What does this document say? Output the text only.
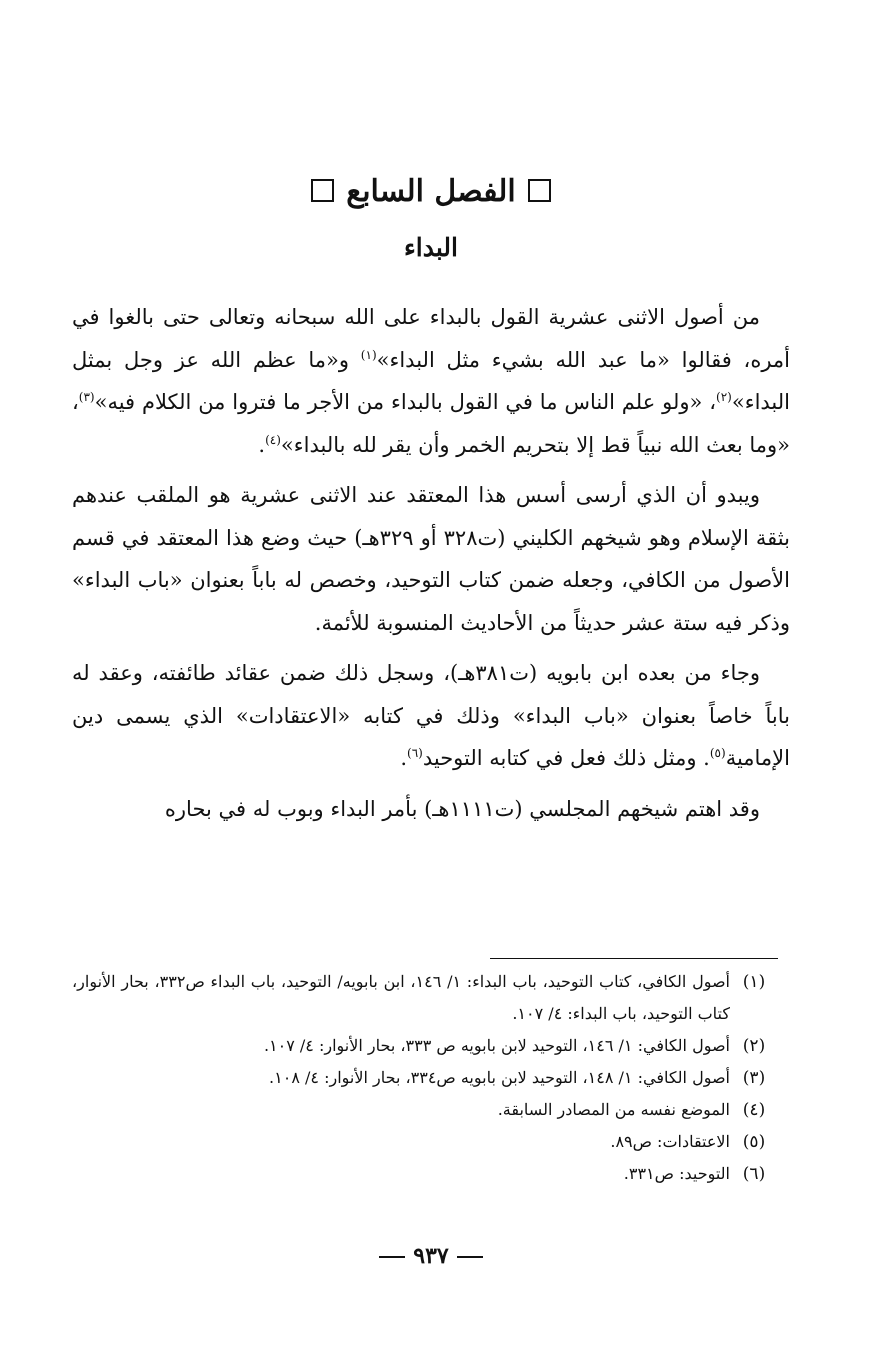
الفصل السابع
البداء

من أصول الاثنى عشرية القول بالبداء على الله سبحانه وتعالى حتى بالغوا في أمره، فقالوا «ما عبد الله بشيء مثل البداء»$^{(١)}$ و«ما عظم الله عز وجل بمثل البداء»$^{(٢)}$، «ولو علم الناس ما في القول بالبداء من الأجر ما فتروا من الكلام فيه»$^{(٣)}$، «وما بعث الله نبياً قط إلا بتحريم الخمر وأن يقر لله بالبداء»$^{(٤)}$.

ويبدو أن الذي أرسى أسس هذا المعتقد عند الاثنى عشرية هو الملقب عندهم بثقة الإسلام وهو شيخهم الكليني (ت٣٢٨ أو ٣٢٩هـ) حيث وضع هذا المعتقد في قسم الأصول من الكافي، وجعله ضمن كتاب التوحيد، وخصص له باباً بعنوان «باب البداء» وذكر فيه ستة عشر حديثاً من الأحاديث المنسوبة للأئمة.

وجاء من بعده ابن بابويه (ت٣٨١هـ)، وسجل ذلك ضمن عقائد طائفته، وعقد له باباً خاصاً بعنوان «باب البداء» وذلك في كتابه «الاعتقادات» الذي يسمى دين الإمامية$^{(٥)}$. ومثل ذلك فعل في كتابه التوحيد$^{(٦)}$.

وقد اهتم شيخهم المجلسي (ت١١١١هـ) بأمر البداء وبوب له في بحاره

(١)
أصول الكافي، كتاب التوحيد، باب البداء: ١/ ١٤٦، ابن بابويه/ التوحيد، باب البداء ص٣٣٢، بحار الأنوار، كتاب التوحيد، باب البداء: ٤/ ١٠٧.
(٢)
أصول الكافي: ١/ ١٤٦، التوحيد لابن بابويه ص ٣٣٣، بحار الأنوار: ٤/ ١٠٧.
(٣)
أصول الكافي: ١/ ١٤٨، التوحيد لابن بابويه ص٣٣٤، بحار الأنوار: ٤/ ١٠٨.
(٤)
الموضع نفسه من المصادر السابقة.
(٥)
الاعتقادات: ص٨٩.
(٦)
التوحيد: ص٣٣١.
٩٣٧
